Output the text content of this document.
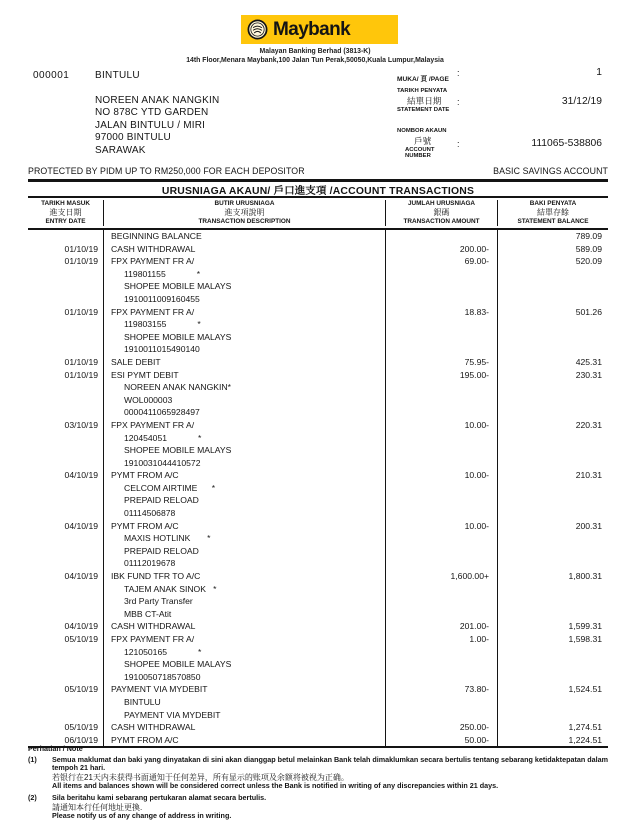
Maybank
Malayan Banking Berhad (3813-K)
14th Floor,Menara Maybank,100 Jalan Tun Perak,50050,Kuala Lumpur,Malaysia
000001	BINTULU
NOREEN ANAK NANGKIN
NO 878C YTD GARDEN
JALAN BINTULU / MIRI
97000 BINTULU
SARAWAK
MUKA/ 頁 /PAGE
:	1
TARIKH PENYATA
結單日期	:	31/12/19
STATEMENT DATE
NOMBOR AKAUN
戶號	:	111065-538806
ACCOUNT
NUMBER
PROTECTED BY PIDM UP TO RM250,000 FOR EACH DEPOSITOR	BASIC SAVINGS ACCOUNT
URUSNIAGA AKAUN/ 戶口進支項 /ACCOUNT TRANSACTIONS
TARIKH MASUK
進支日期
ENTRY DATE
BUTIR URUSNIAGA
進支項說明
TRANSACTION DESCRIPTION
JUMLAH URUSNIAGA
銀碼
TRANSACTION AMOUNT
BAKI PENYATA
結單存餘
STATEMENT BALANCE
BEGINNING BALANCE	789.09
01/10/19	CASH WITHDRAWAL	200.00-	589.09
01/10/19	FPX PAYMENT FR A/	69.00-	520.09
119801155             *
SHOPEE MOBILE MALAYS
1910011009160455
01/10/19	FPX PAYMENT FR A/	18.83-	501.26
119803155             *
SHOPEE MOBILE MALAYS
1910011015490140
01/10/19	SALE DEBIT	75.95-	425.31
01/10/19	ESI PYMT DEBIT	195.00-	230.31
NOREEN ANAK NANGKIN*
WOL000003
0000411065928497
03/10/19	FPX PAYMENT FR A/	10.00-	220.31
120454051             *
SHOPEE MOBILE MALAYS
1910031044410572
04/10/19	PYMT FROM A/C	10.00-	210.31
CELCOM AIRTIME      *
PREPAID RELOAD
01114506878
04/10/19	PYMT FROM A/C	10.00-	200.31
MAXIS HOTLINK       *
PREPAID RELOAD
01112019678
04/10/19	IBK FUND TFR TO A/C	1,600.00+	1,800.31
TAJEM ANAK SINOK   *
3rd Party Transfer
MBB CT-Atit
04/10/19	CASH WITHDRAWAL	201.00-	1,599.31
05/10/19	FPX PAYMENT FR A/	1.00-	1,598.31
121050165             *
SHOPEE MOBILE MALAYS
1910050718570850
05/10/19	PAYMENT VIA MYDEBIT	73.80-	1,524.51
BINTULU
PAYMENT VIA MYDEBIT
05/10/19	CASH WITHDRAWAL	250.00-	1,274.51
06/10/19	PYMT FROM A/C	50.00-	1,224.51
Perhatian / Note
(1)	Semua maklumat dan baki yang dinyatakan di sini akan dianggap betul melainkan Bank telah dimaklumkan secara bertulis tentang sebarang ketidaktepatan dalam
tempoh 21 hari.
若银行在21天内未获得书面通知于任何差异，所有显示的账项及余额将被视为正确。
All items and balances shown will be considered correct unless the Bank is notified in writing of any discrepancies within 21 days.
(2)	Sila beritahu kami sebarang pertukaran alamat secara bertulis.
請通知本行任何地址更換.
Please notify us of any change of address in writing.
